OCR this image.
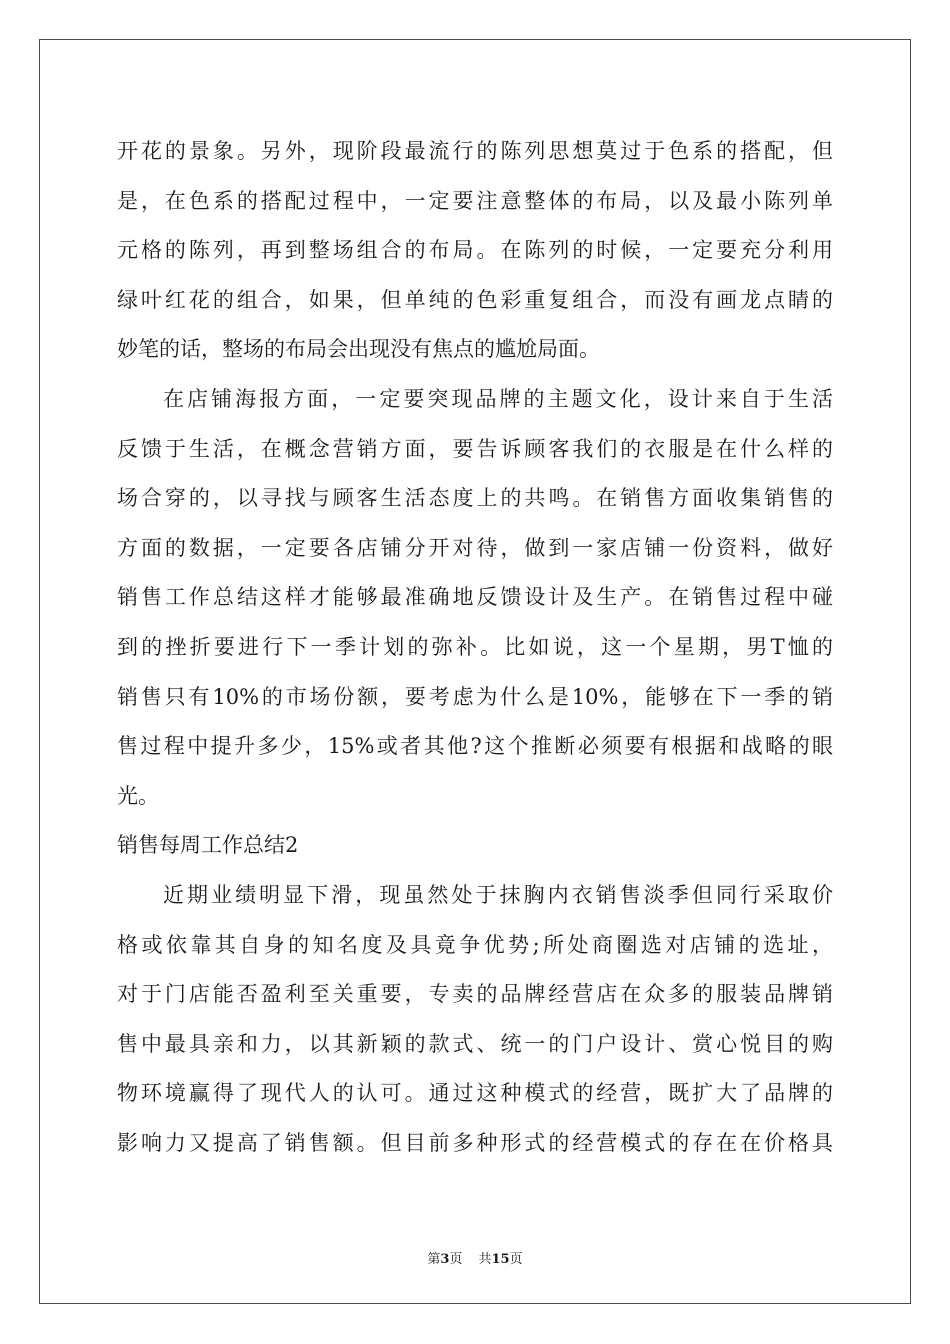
开花的景象。另外，现阶段最流行的陈列思想莫过于色系的搭配，但
是，在色系的搭配过程中，一定要注意整体的布局，以及最小陈列单
元格的陈列，再到整场组合的布局。在陈列的时候，一定要充分利用
绿叶红花的组合，如果，但单纯的色彩重复组合，而没有画龙点睛的
妙笔的话，整场的布局会出现没有焦点的尴尬局面。
在店铺海报方面，一定要突现品牌的主题文化，设计来自于生活
反馈于生活，在概念营销方面，要告诉顾客我们的衣服是在什么样的
场合穿的，以寻找与顾客生活态度上的共鸣。在销售方面收集销售的
方面的数据，一定要各店铺分开对待，做到一家店铺一份资料，做好
销售工作总结这样才能够最准确地反馈设计及生产。在销售过程中碰
到的挫折要进行下一季计划的弥补。比如说，这一个星期，男T恤的
销售只有10%的市场份额，要考虑为什么是10%，能够在下一季的销
售过程中提升多少，15%或者其他?这个推断必须要有根据和战略的眼
光。
销售每周工作总结2
近期业绩明显下滑，现虽然处于抹胸内衣销售淡季但同行采取价
格或依靠其自身的知名度及具竟争优势;所处商圈选对店铺的选址，
对于门店能否盈利至关重要，专卖的品牌经营店在众多的服装品牌销
售中最具亲和力，以其新颖的款式、统一的门户设计、赏心悦目的购
物环境赢得了现代人的认可。通过这种模式的经营，既扩大了品牌的
影响力又提高了销售额。但目前多种形式的经营模式的存在在价格具
第3页 共15页
